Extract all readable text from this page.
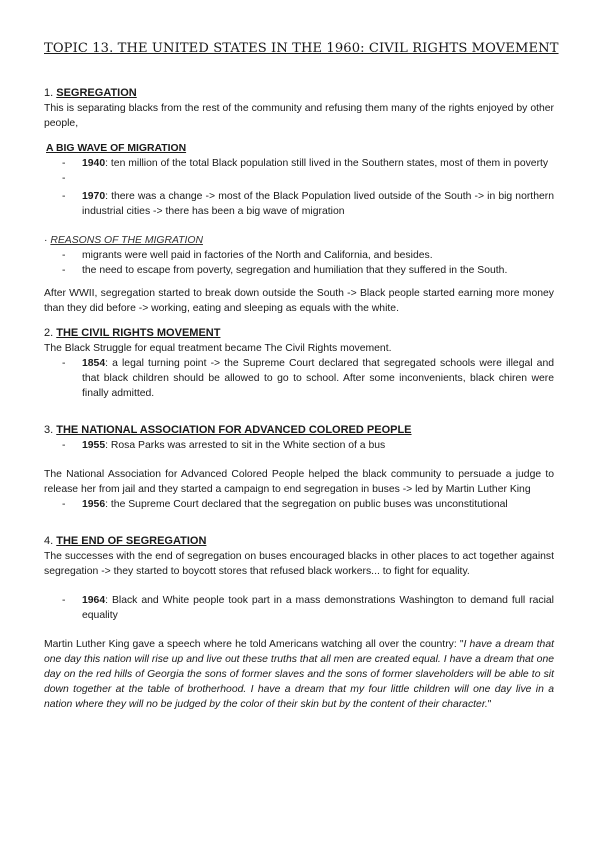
TOPIC 13. THE UNITED STATES IN THE 1960: CIVIL RIGHTS MOVEMENT
1. SEGREGATION

This is separating blacks from the rest of the community and refusing them many of the rights enjoyed by other people,

A BIG WAVE OF MIGRATION
- 1940: ten million of the total Black population still lived in the Southern states, most of them in poverty
-
- 1970: there was a change -> most of the Black Population lived outside of the South -> in big northern industrial cities -> there has been a big wave of migration
· REASONS OF THE MIGRATION
- migrants were well paid in factories of the North and California, and besides.
- the need to escape from poverty, segregation and humiliation that they suffered in the South.

After WWII, segregation started to break down outside the South -> Black people started earning more money than they did before -> working, eating and sleeping as equals with the white.

2. THE CIVIL RIGHTS MOVEMENT

The Black Struggle for equal treatment became The Civil Rights movement.

- 1854: a legal turning point -> the Supreme Court declared that segregated schools were illegal and that black children should be allowed to go to school. After some inconvenients, black chiren were finally admitted.
3. THE NATIONAL ASSOCIATION FOR ADVANCED COLORED PEOPLE
- 1955: Rosa Parks was arrested to sit in the White section of a bus

The National Association for Advanced Colored People helped the black community to persuade a judge to release her from jail and they started a campaign to end segregation in buses -> led by Martin Luther King

- 1956: the Supreme Court declared that the segregation on public buses was unconstitutional
4. THE END OF SEGREGATION

The successes with the end of segregation on buses encouraged blacks in other places to act together against segregation -> they started to boycott stores that refused black workers... to fight for equality.

- 1964: Black and White people took part in a mass demonstrations Washington to demand full racial equality

Martin Luther King gave a speech where he told Americans watching all over the country: "I have a dream that one day this nation will rise up and live out these truths that all men are created equal. I have a dream that one day on the red hills of Georgia the sons of former slaves and the sons of former slaveholders will be able to sit down together at the table of brotherhood. I have a dream that my four little children will one day live in a nation where they will no be judged by the color of their skin but by the content of their character."
